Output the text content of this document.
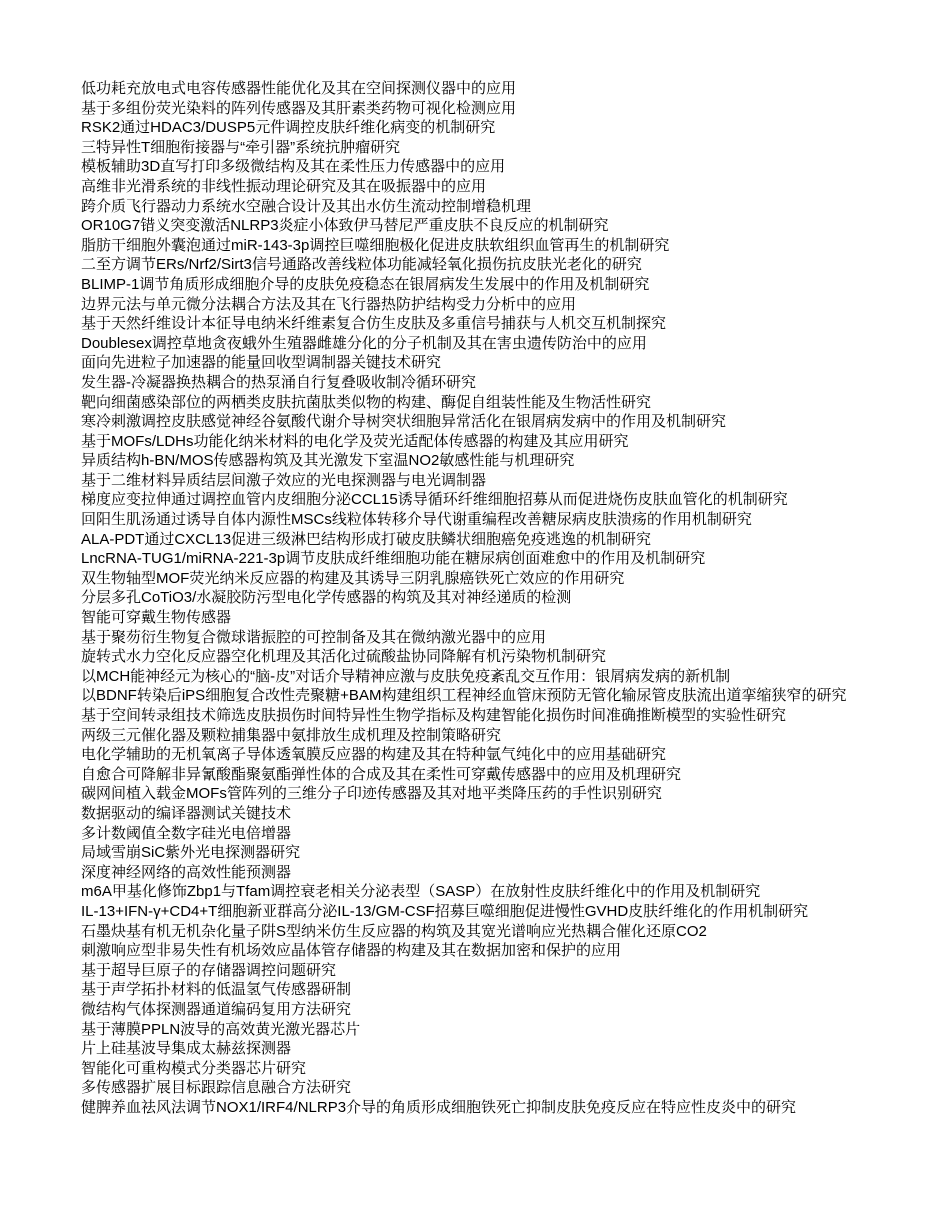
低功耗充放电式电容传感器性能优化及其在空间探测仪器中的应用
基于多组份荧光染料的阵列传感器及其肝素类药物可视化检测应用
RSK2通过HDAC3/DUSP5元件调控皮肤纤维化病变的机制研究
三特异性T细胞衔接器与“牵引器”系统抗肿瘤研究
模板辅助3D直写打印多级微结构及其在柔性压力传感器中的应用
高维非光滑系统的非线性振动理论研究及其在吸振器中的应用
跨介质飞行器动力系统水空融合设计及其出水仿生流动控制增稳机理
OR10G7错义突变激活NLRP3炎症小体致伊马替尼严重皮肤不良反应的机制研究
脂肪干细胞外囊泡通过miR-143-3p调控巨噬细胞极化促进皮肤软组织血管再生的机制研究
二至方调节ERs/Nrf2/Sirt3信号通路改善线粒体功能减轻氧化损伤抗皮肤光老化的研究
BLIMP-1调节角质形成细胞介导的皮肤免疫稳态在银屑病发生发展中的作用及机制研究
边界元法与单元微分法耦合方法及其在飞行器热防护结构受力分析中的应用
基于天然纤维设计本征导电纳米纤维素复合仿生皮肤及多重信号捕获与人机交互机制探究
Doublesex调控草地贪夜蛾外生殖器雌雄分化的分子机制及其在害虫遗传防治中的应用
面向先进粒子加速器的能量回收型调制器关键技术研究
发生器-冷凝器换热耦合的热泵涌自行复叠吸收制冷循环研究
靶向细菌感染部位的两栖类皮肤抗菌肽类似物的构建、酶促自组装性能及生物活性研究
寒冷刺激调控皮肤感觉神经谷氨酸代谢介导树突状细胞异常活化在银屑病发病中的作用及机制研究
基于MOFs/LDHs功能化纳米材料的电化学及荧光适配体传感器的构建及其应用研究
异质结构h-BN/MOS传感器构筑及其光激发下室温NO2敏感性能与机理研究
基于二维材料异质结层间激子效应的光电探测器与电光调制器
梯度应变拉伸通过调控血管内皮细胞分泌CCL15诱导循环纤维细胞招募从而促进烧伤皮肤血管化的机制研究
回阳生肌汤通过诱导自体内源性MSCs线粒体转移介导代谢重编程改善糖尿病皮肤溃疡的作用机制研究
ALA-PDT通过CXCL13促进三级淋巴结构形成打破皮肤鳞状细胞癌免疫逃逸的机制研究
LncRNA-TUG1/miRNA-221-3p调节皮肤成纤维细胞功能在糖尿病创面难愈中的作用及机制研究
双生物轴型MOF荧光纳米反应器的构建及其诱导三阴乳腺癌铁死亡效应的作用研究
分层多孔CoTiO3/水凝胶防污型电化学传感器的构筑及其对神经递质的检测
智能可穿戴生物传感器
基于聚芴衍生物复合微球谐振腔的可控制备及其在微纳激光器中的应用
旋转式水力空化反应器空化机理及其活化过硫酸盐协同降解有机污染物机制研究
以MCH能神经元为核心的“脑-皮”对话介导精神应激与皮肤免疫紊乱交互作用：银屑病发病的新机制
以BDNF转染后iPS细胞复合改性壳聚糖+BAM构建组织工程神经血管床预防无管化输尿管皮肤流出道挛缩狭窄的研究
基于空间转录组技术筛选皮肤损伤时间特异性生物学指标及构建智能化损伤时间准确推断模型的实验性研究
两级三元催化器及颗粒捕集器中氨排放生成机理及控制策略研究
电化学辅助的无机氧离子导体透氧膜反应器的构建及其在特种氩气纯化中的应用基础研究
自愈合可降解非异氰酸酯聚氨酯弹性体的合成及其在柔性可穿戴传感器中的应用及机理研究
碳网间植入载金MOFs管阵列的三维分子印迹传感器及其对地平类降压药的手性识别研究
数据驱动的编译器测试关键技术
多计数阈值全数字硅光电倍增器
局域雪崩SiC紫外光电探测器研究
深度神经网络的高效性能预测器
m6A甲基化修饰Zbp1与Tfam调控衰老相关分泌表型（SASP）在放射性皮肤纤维化中的作用及机制研究
IL-13+IFN-γ+CD4+T细胞新亚群高分泌IL-13/GM-CSF招募巨噬细胞促进慢性GVHD皮肤纤维化的作用机制研究
石墨炔基有机无机杂化量子阱S型纳米仿生反应器的构筑及其宽光谱响应光热耦合催化还原CO2
刺激响应型非易失性有机场效应晶体管存储器的构建及其在数据加密和保护的应用
基于超导巨原子的存储器调控问题研究
基于声学拓扑材料的低温氢气传感器研制
微结构气体探测器通道编码复用方法研究
基于薄膜PPLN波导的高效黄光激光器芯片
片上硅基波导集成太赫兹探测器
智能化可重构模式分类器芯片研究
多传感器扩展目标跟踪信息融合方法研究
健脾养血祛风法调节NOX1/IRF4/NLRP3介导的角质形成细胞铁死亡抑制皮肤免疫反应在特应性皮炎中的研究
